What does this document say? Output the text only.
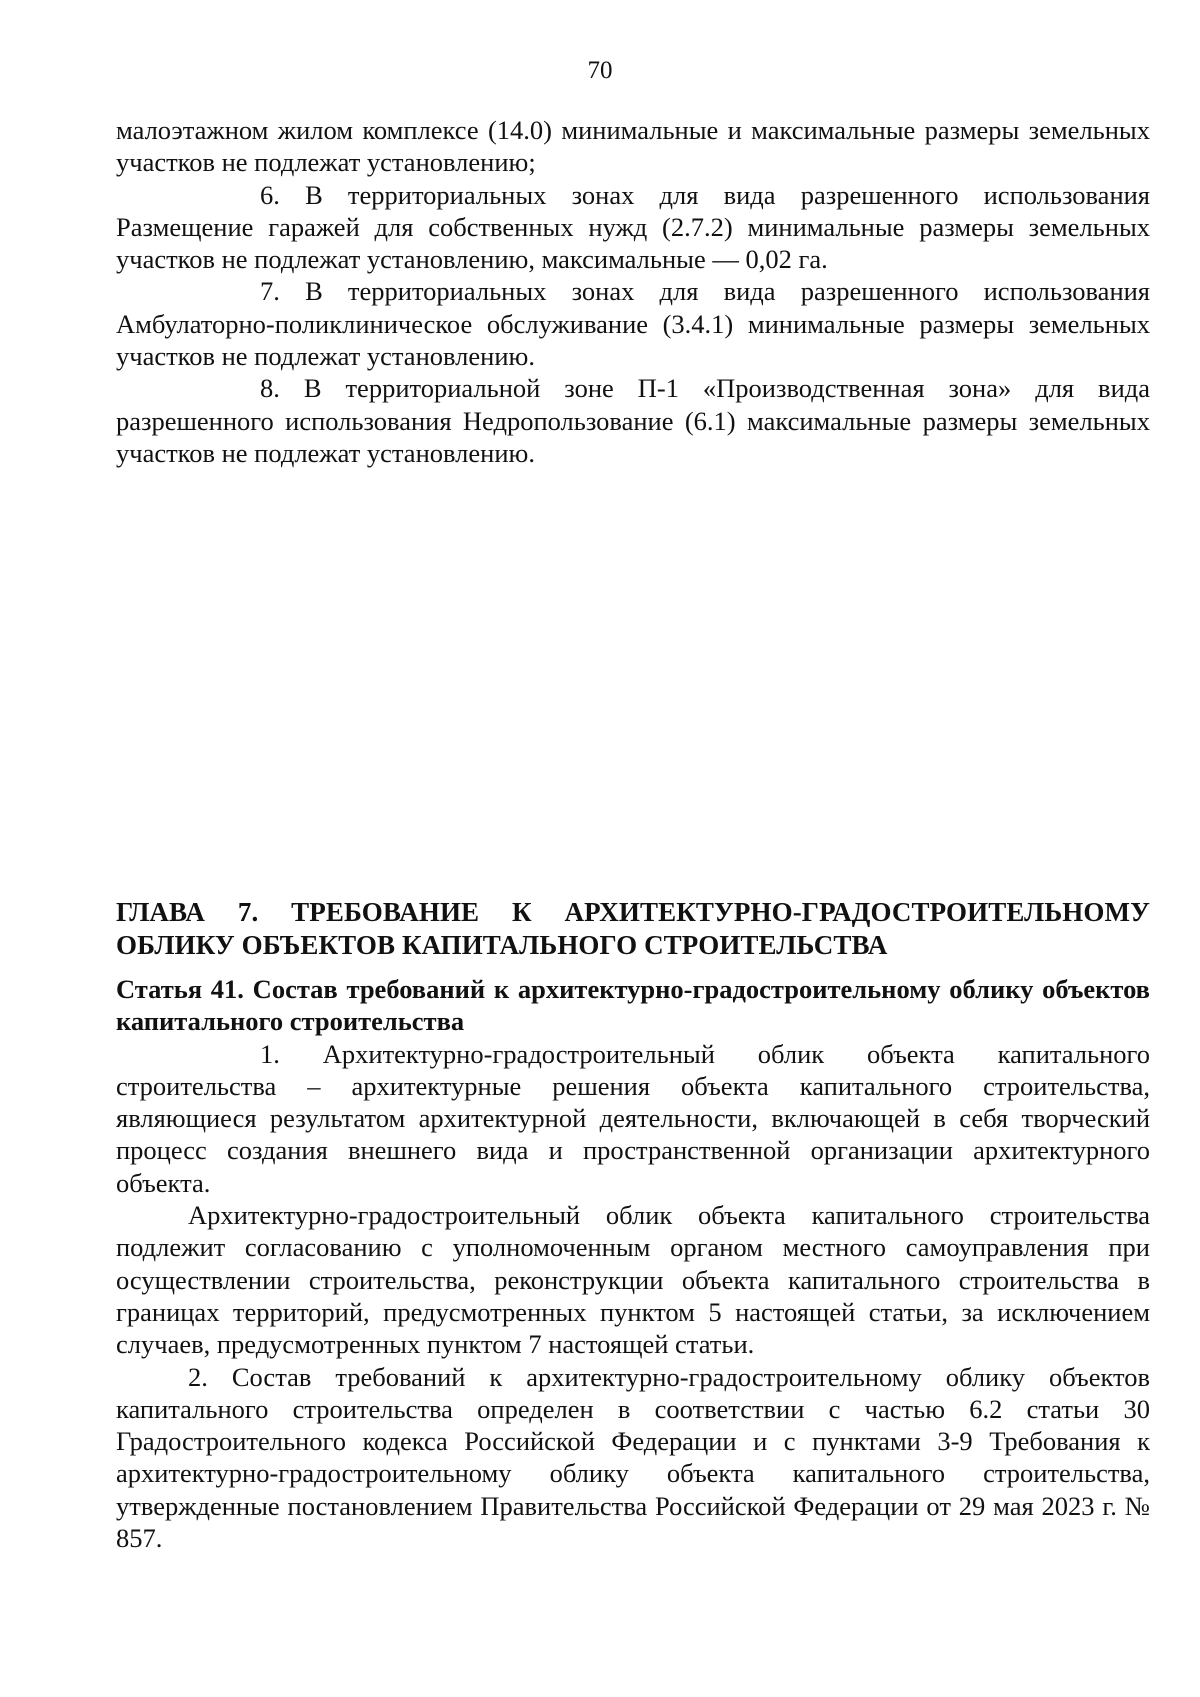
70

малоэтажном жилом комплексе (14.0) минимальные и максимальные размеры земельных участков не подлежат установлению;

6. В территориальных зонах для вида разрешенного использования Размещение гаражей для собственных нужд (2.7.2) минимальные размеры земельных участков не подлежат установлению, максимальные — 0,02 га.

7. В территориальных зонах для вида разрешенного использования Амбулаторно-поликлиническое обслуживание (3.4.1) минимальные размеры земельных участков не подлежат установлению.

8. В территориальной зоне П-1 «Производственная зона» для вида разрешенного использования Недропользование (6.1) максимальные размеры земельных участков не подлежат установлению.

ГЛАВА 7. ТРЕБОВАНИЕ К АРХИТЕКТУРНО-ГРАДОСТРОИТЕЛЬНОМУ ОБЛИКУ ОБЪЕКТОВ КАПИТАЛЬНОГО СТРОИТЕЛЬСТВА
Статья 41. Состав требований к архитектурно-градостроительному облику объектов капитального строительства

1. Архитектурно-градостроительный облик объекта капитального строительства – архитектурные решения объекта капитального строительства, являющиеся результатом архитектурной деятельности, включающей в себя творческий процесс создания внешнего вида и пространственной организации архитектурного объекта.

Архитектурно-градостроительный облик объекта капитального строительства подлежит согласованию с уполномоченным органом местного самоуправления при осуществлении строительства, реконструкции объекта капитального строительства в границах территорий, предусмотренных пунктом 5 настоящей статьи, за исключением случаев, предусмотренных пунктом 7 настоящей статьи.

2. Состав требований к архитектурно-градостроительному облику объектов капитального строительства определен в соответствии с частью 6.2 статьи 30 Градостроительного кодекса Российской Федерации и с пунктами 3-9 Требования к архитектурно-градостроительному облику объекта капитального строительства, утвержденные постановлением Правительства Российской Федерации от 29 мая 2023 г. № 857.
